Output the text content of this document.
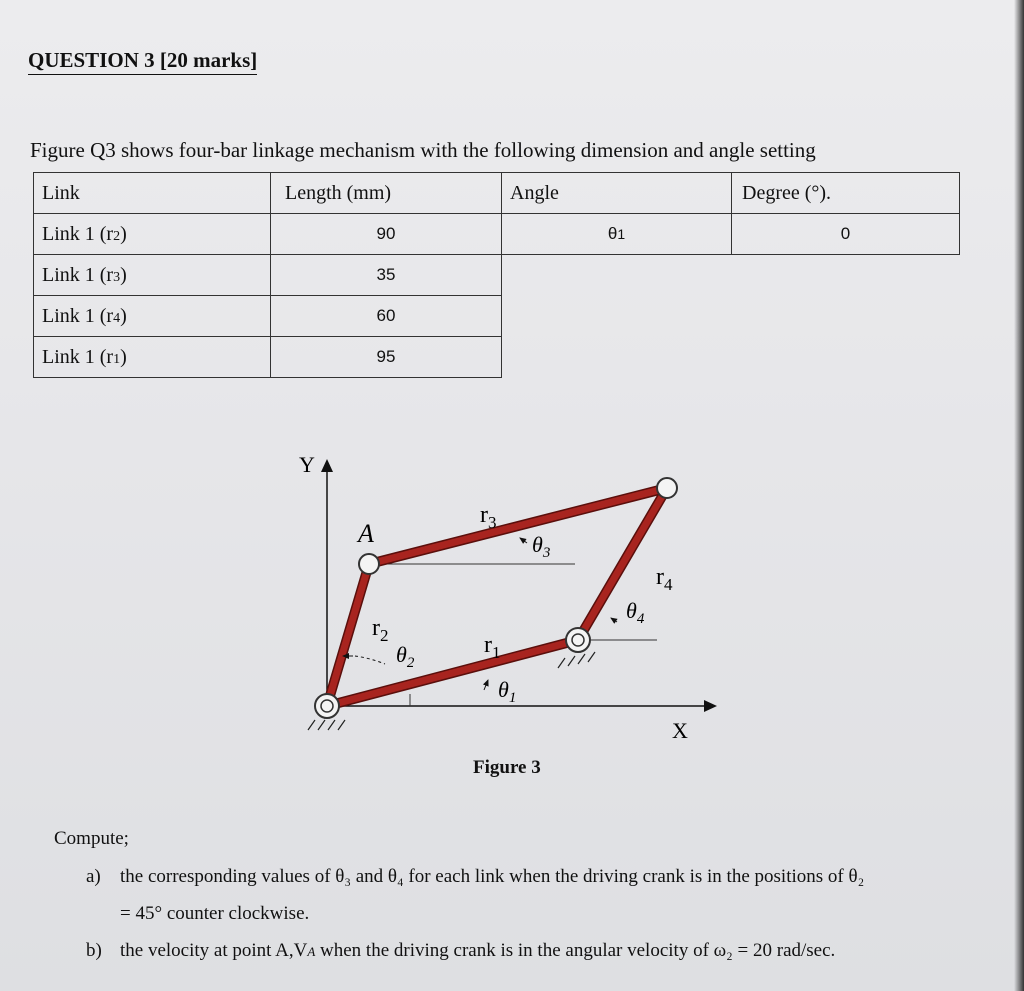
QUESTION 3 [20 marks]
Figure Q3 shows four-bar linkage mechanism with the following dimension and angle setting
Link	Length (mm)	Angle	Degree (°).
Link 1 (r2)	90	θ1	0
Link 1 (r3)	35		
Link 1 (r4)	60		
Link 1 (r1)	95		
Y
X
A
$r_2$
$r_3$
$r_4$
$r_1$
$\theta_2$
$\theta_1$
$\theta_3$
$\theta_4$
Figure 3
Compute;
a) the corresponding values of θ₃ and θ₄ for each link when the driving crank is in the positions of θ₂
= 45° counter clockwise.
b) the velocity at point A,VA when the driving crank is in the angular velocity of ω₂ = 20 rad/sec.
